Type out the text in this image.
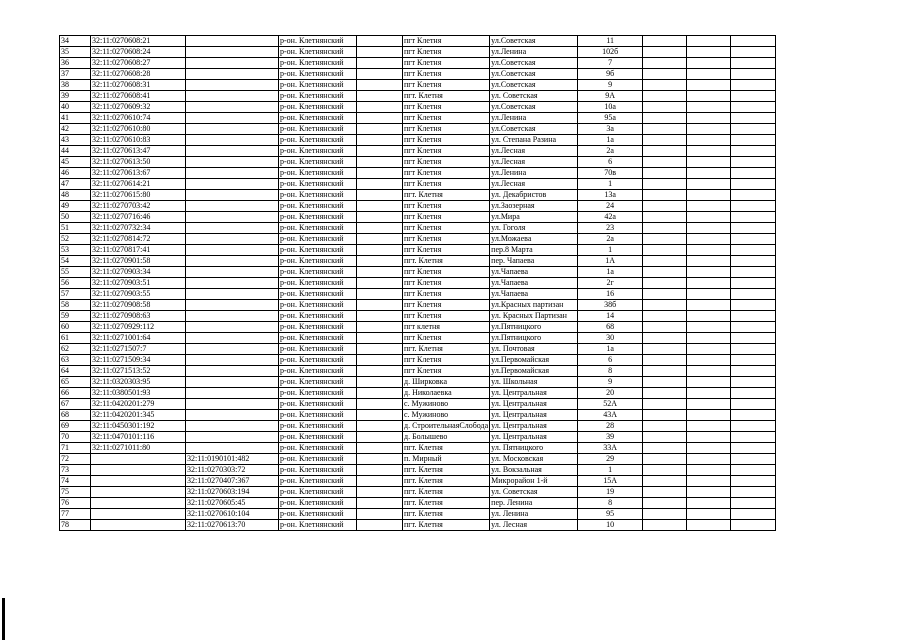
34	32:11:0270608:21		р-он. Клетнянский		пгт Клетня	ул.Советская	11			
35	32:11:0270608:24		р-он. Клетнянский		пгт Клетня	ул.Ленина	102б			
36	32:11:0270608:27		р-он. Клетнянский		пгт Клетня	ул.Советская	7			
37	32:11:0270608:28		р-он. Клетнянский		пгт Клетня	ул.Советская	9б			
38	32:11:0270608:31		р-он. Клетнянский		пгт Клетня	ул.Советская	9			
39	32:11:0270608:41		р-он. Клетнянский		пгт. Клетня	ул. Советская	9А			
40	32:11:0270609:32		р-он. Клетнянский		пгт Клетня	ул.Советская	10а			
41	32:11:0270610:74		р-он. Клетнянский		пгт Клетня	ул.Ленина	95а			
42	32:11:0270610:80		р-он. Клетнянский		пгт Клетня	ул.Советская	3а			
43	32:11:0270610:83		р-он. Клетнянский		пгт Клетня	ул. Степана Разина	1а			
44	32:11:0270613:47		р-он. Клетнянский		пгт Клетня	ул.Лесная	2а			
45	32:11:0270613:50		р-он. Клетнянский		пгт Клетня	ул.Лесная	6			
46	32:11:0270613:67		р-он. Клетнянский		пгт Клетня	ул.Ленина	70в			
47	32:11:0270614:21		р-он. Клетнянский		пгт Клетня	ул.Лесная	1			
48	32:11:0270615:80		р-он. Клетнянский		пгт. Клетня	ул. Декабристов	13а			
49	32:11:0270703:42		р-он. Клетнянский		пгт Клетня	ул.Заозерная	24			
50	32:11:0270716:46		р-он. Клетнянский		пгт Клетня	ул.Мира	42а			
51	32:11:0270732:34		р-он. Клетнянский		пгт Клетня	ул. Гоголя	23			
52	32:11:0270814:72		р-он. Клетнянский		пгт Клетня	ул.Можаева	2а			
53	32:11:0270817:41		р-он. Клетнянский		пгт Клетня	пер.8 Марта	1			
54	32:11:0270901:58		р-он. Клетнянский		пгт. Клетня	пер. Чапаева	1А			
55	32:11:0270903:34		р-он. Клетнянский		пгт Клетня	ул.Чапаева	1а			
56	32:11:0270903:51		р-он. Клетнянский		пгт Клетня	ул.Чапаева	2г			
57	32:11:0270903:55		р-он. Клетнянский		пгт Клетня	ул.Чапаева	16			
58	32:11:0270908:58		р-он. Клетнянский		пгт Клетня	ул.Красных партизан	38б			
59	32:11:0270908:63		р-он. Клетнянский		пгт Клетня	ул. Красных Партизан	14			
60	32:11:0270929:112		р-он. Клетнянский		пгт клетня	ул.Пятницкого	68			
61	32:11:0271001:64		р-он. Клетнянский		пгт Клетня	ул.Пятницкого	30			
62	32:11:0271507:7		р-он. Клетнянский		пгт. Клетня	ул. Почтовая	1а			
63	32:11:0271509:34		р-он. Клетнянский		пгт Клетня	ул.Первомайская	6			
64	32:11:0271513:52		р-он. Клетнянский		пгт Клетня	ул.Первомайская	8			
65	32:11:0320303:95		р-он. Клетнянский		д. Ширковка	ул. Школьная	9			
66	32:11:0380501:93		р-он. Клетнянский		д. Николаевка	ул. Центральная	20			
67	32:11:0420201:279		р-он. Клетнянский		с. Мужиново	ул. Центральная	52А			
68	32:11:0420201:345		р-он. Клетнянский		с. Мужиново	ул. Центральная	43А			
69	32:11:0450301:192		р-он. Клетнянский		д. СтроительнаяСлобода	ул. Центральная	28			
70	32:11:0470101:116		р-он. Клетнянский		д. Болышево	ул. Центральная	39			
71	32:11:0271011:80		р-он. Клетнянский		пгт. Клетня	ул. Пятницкого	33А			
72		32:11:0190101:482	р-он. Клетнянский		п. Мирный	ул. Московская	29			
73		32:11:0270303:72	р-он. Клетнянский		пгт. Клетня	ул. Вокзальная	1			
74		32:11:0270407:367	р-он. Клетнянский		пгт. Клетня	Микрорайон 1-й	15А			
75		32:11:0270603:194	р-он. Клетнянский		пгт. Клетня	ул. Советская	19			
76		32:11:0270605:45	р-он. Клетнянский		пгт. Клетня	пер. Ленина	8			
77		32:11:0270610:104	р-он. Клетнянский		пгт. Клетня	ул. Ленина	95			
78		32:11:0270613:70	р-он. Клетнянский		пгт. Клетня	ул. Лесная	10			
